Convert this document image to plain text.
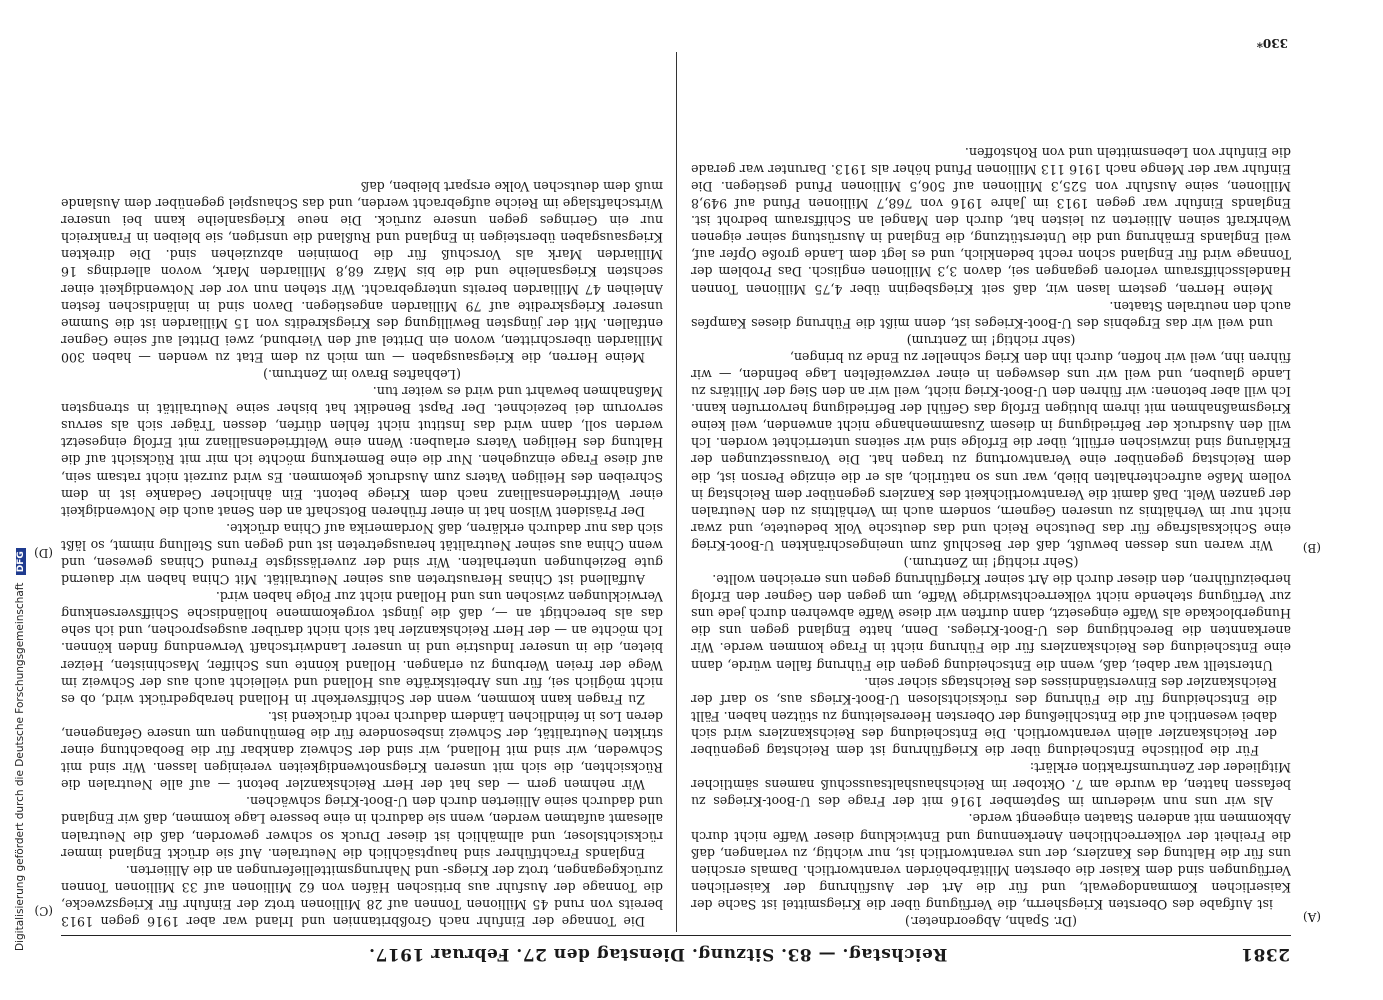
Reichstag. — 83. Sitzung. Dienstag den 27. Februar 1917.	2381
(A)
(B)
(C)
(D)

(Dr. Spahn, Abgeordneter.)

ist Aufgabe des Obersten Kriegsherrn, die Verfügung über die Kriegsmittel ist Sache der Kaiserlichen Kommandogewalt, und für die Art der Ausführung der Kaiserlichen Verfügungen sind dem Kaiser die obersten Militärbehörden verantwortlich. Damals erschien uns für die Haltung des Kanzlers, der uns verantwortlich ist, nur wichtig, zu verlangen, daß die Freiheit der völkerrechtlichen Anerkennung und Entwicklung dieser Waffe nicht durch Abkommen mit anderen Staaten eingeengt werde.

Als wir uns nun wiederum im September 1916 mit der Frage des U-Boot-Krieges zu befassen hatten, da wurde am 7. Oktober im Reichshaushaltsausschuß namens sämtlicher Mitglieder der Zentrumsfraktion erklärt:

Für die politische Entscheidung über die Kriegführung ist dem Reichstag gegenüber der Reichskanzler allein verantwortlich. Die Entscheidung des Reichskanzlers wird sich dabei wesentlich auf die Entschließung der Obersten Heeresleitung zu stützen haben. Fällt die Entscheidung für die Führung des rücksichtslosen U-Boot-Kriegs aus, so darf der Reichskanzler des Einverständnisses des Reichstags sicher sein.

Unterstellt war dabei, daß, wenn die Entscheidung gegen die Führung fallen würde, dann eine Entscheidung des Reichskanzlers für die Führung nicht in Frage kommen werde. Wir anerkannten die Berechtigung des U-Boot-Krieges. Denn, hatte England gegen uns die Hungerblockade als Waffe eingesetzt, dann durften wir diese Waffe abwehren durch jede uns zur Verfügung stehende nicht völkerrechtswidrige Waffe, um gegen den Gegner den Erfolg herbeizuführen, den dieser durch die Art seiner Kriegführung gegen uns erreichen wollte.

(Sehr richtig! im Zentrum.)

Wir waren uns dessen bewußt, daß der Beschluß zum uneingeschränkten U-Boot-Krieg eine Schicksalsfrage für das Deutsche Reich und das deutsche Volk bedeutete, und zwar nicht nur im Verhältnis zu unseren Gegnern, sondern auch im Verhältnis zu den Neutralen der ganzen Welt. Daß damit die Verantwortlichkeit des Kanzlers gegenüber dem Reichstag in vollem Maße aufrechterhalten blieb, war uns so natürlich, als er die einzige Person ist, die dem Reichstag gegenüber eine Verantwortung zu tragen hat. Die Voraussetzungen der Erklärung sind inzwischen erfüllt, über die Erfolge sind wir seitens unterrichtet worden. Ich will den Ausdruck der Befriedigung in diesem Zusammenhange nicht anwenden, weil keine Kriegsmaßnahmen mit ihrem blutigen Erfolg das Gefühl der Befriedigung hervorrufen kann. Ich will aber betonen: wir führen den U-Boot-Krieg nicht, weil wir an den Sieg der Militärs zu Lande glauben, und weil wir uns deswegen in einer verzweifelten Lage befinden, — wir führen ihn, weil wir hoffen, durch ihn den Krieg schneller zu Ende zu bringen,

(sehr richtig! im Zentrum)

und weil wir das Ergebnis des U-Boot-Krieges ist, denn mißt die Führung dieses Kampfes auch den neutralen Staaten.

Meine Herren, gestern lasen wir, daß seit Kriegsbeginn über 4,75 Millionen Tonnen Handelsschiffsraum verloren gegangen sei, davon 3,3 Millionen englisch. Das Problem der Tonnage wird für England schon recht bedenklich, und es legt dem Lande große Opfer auf, weil Englands Ernährung und die Unterstützung, die England in Ausrüstung seiner eigenen Wehrkraft seinen Alliierten zu leisten hat, durch den Mangel an Schiffsraum bedroht ist. Englands Einfuhr war gegen 1913 im Jahre 1916 von 768,7 Millionen Pfund auf 949,8 Millionen, seine Ausfuhr von 525,3 Millionen auf 506,5 Millionen Pfund gestiegen. Die Einfuhr war der Menge nach 1916 113 Millionen Pfund höher als 1913. Darunter war gerade die Einfuhr von Lebensmitteln und von Rohstoffen.

Die Tonnage der Einfuhr nach Großbritannien und Irland war aber 1916 gegen 1913 bereits von rund 45 Millionen Tonnen auf 28 Millionen trotz der Einfuhr für Kriegszwecke, die Tonnage der Ausfuhr aus britischen Häfen von 62 Millionen auf 33 Millionen Tonnen zurückgegangen, trotz der Kriegs- und Nahrungsmittellieferungen an die Alliierten.

Englands Frachtführer sind hauptsächlich die Neutralen. Auf sie drückt England immer rücksichtsloser, und allmählich ist dieser Druck so schwer geworden, daß die Neutralen allesamt aufatmen werden, wenn sie dadurch in eine bessere Lage kommen, daß wir England und dadurch seine Alliierten durch den U-Boot-Krieg schwächen.

Wir nehmen gern — das hat der Herr Reichskanzler betont — auf alle Neutralen die Rücksichten, die sich mit unseren Kriegsnotwendigkeiten vereinigen lassen. Wir sind mit Schweden, wir sind mit Holland, wir sind der Schweiz dankbar für die Beobachtung einer strikten Neutralität, der Schweiz insbesondere für die Bemühungen um unsere Gefangenen, deren Los in feindlichen Ländern dadurch recht drückend ist.

Zu Fragen kann kommen, wenn der Schiffsverkehr in Holland herabgedrückt wird, ob es nicht möglich sei, für uns Arbeitskräfte aus Holland und vielleicht auch aus der Schweiz im Wege der freien Werbung zu erlangen. Holland könnte uns Schiffer, Maschinisten, Heizer bieten, die in unserer Industrie und in unserer Landwirtschaft Verwendung finden können. Ich möchte an — der Herr Reichskanzler hat sich nicht darüber ausgesprochen, und ich sehe das als berechtigt an —, daß die jüngst vorgekommene holländische Schiffsversenkung Verwicklungen zwischen uns und Holland nicht zur Folge haben wird.

Auffallend ist Chinas Heraustreten aus seiner Neutralität. Mit China haben wir dauernd gute Beziehungen unterhalten. Wir sind der zuverlässigste Freund Chinas gewesen, und wenn China aus seiner Neutralität herausgetreten ist und gegen uns Stellung nimmt, so läßt sich das nur dadurch erklären, daß Nordamerika auf China drückte.

Der Präsident Wilson hat in einer früheren Botschaft an den Senat auch die Notwendigkeit einer Weltfriedensallianz nach dem Kriege betont. Ein ähnlicher Gedanke ist in dem Schreiben des Heiligen Vaters zum Ausdruck gekommen. Es wird zurzeit nicht ratsam sein, auf diese Frage einzugehen. Nur die eine Bemerkung möchte ich mir mit Rücksicht auf die Haltung des Heiligen Vaters erlauben: Wenn eine Weltfriedensallianz mit Erfolg eingesetzt werden soll, dann wird das Institut nicht fehlen dürfen, dessen Träger sich als servus servorum dei bezeichnet. Der Papst Benedikt hat bisher seine Neutralität in strengsten Maßnahmen bewahrt und wird es weiter tun.

(Lebhaftes Bravo im Zentrum.)

Meine Herren, die Kriegsausgaben — um mich zu dem Etat zu wenden — haben 300 Milliarden überschritten, wovon ein Drittel auf den Vierbund, zwei Drittel auf seine Gegner entfallen. Mit der jüngsten Bewilligung des Kriegskredits von 15 Milliarden ist die Summe unserer Kriegskredite auf 79 Milliarden angestiegen. Davon sind in inländischen festen Anleihen 47 Milliarden bereits untergebracht. Wir stehen nun vor der Notwendigkeit einer sechsten Kriegsanleihe und die bis März 68,8 Milliarden Mark, wovon allerdings 16 Milliarden Mark als Vorschuß für die Dominien abzuziehen sind. Die direkten Kriegsausgaben übersteigen in England und Rußland die unsrigen, sie bleiben in Frankreich nur ein Geringes gegen unsere zurück. Die neue Kriegsanleihe kann bei unserer Wirtschaftslage im Reiche aufgebracht werden, und das Schauspiel gegenüber dem Auslande muß dem deutschen Volke erspart bleiben, daß

330*
Digitalisierung gefördert durch die Deutsche Forschungsgemeinschaft DFG
